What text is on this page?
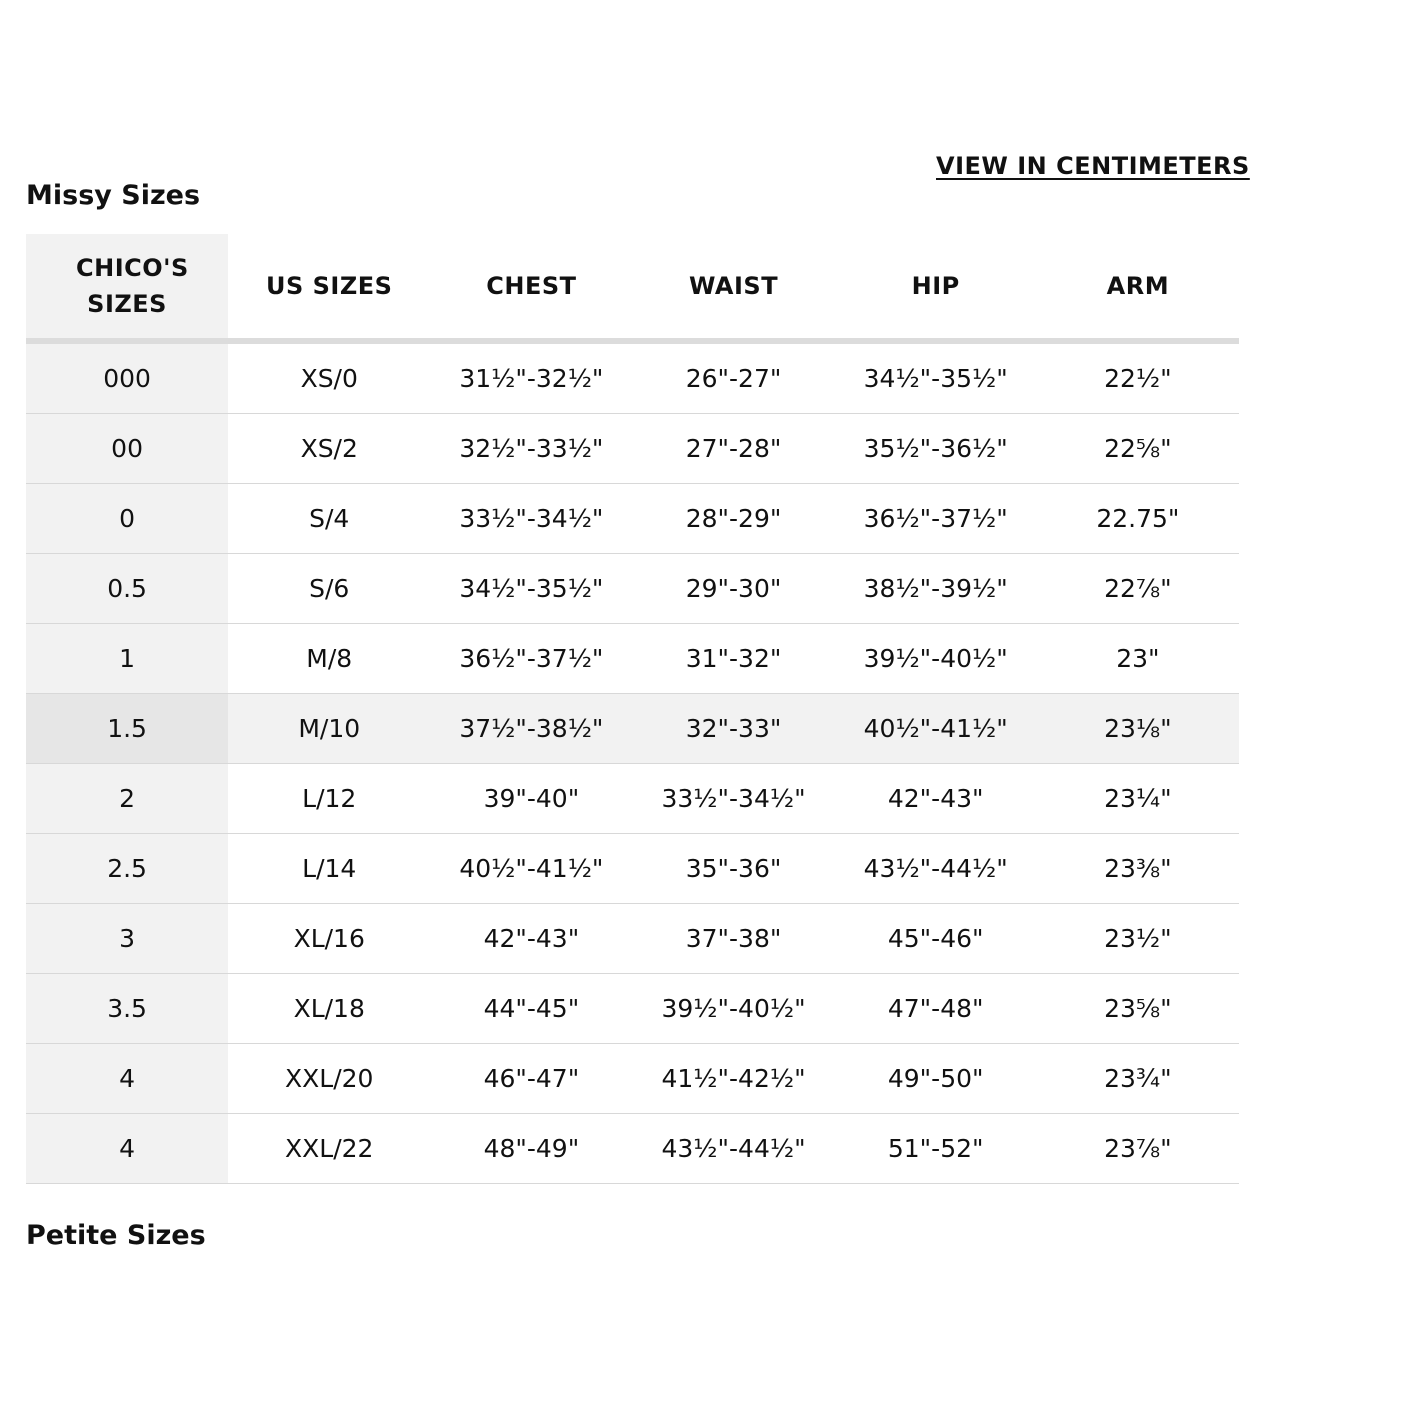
VIEW IN CENTIMETERS
Missy Sizes
CHICO'S SIZES	US SIZES	CHEST	WAIST	HIP	ARM
000	XS/0	31½"-32½"	26"-27"	34½"-35½"	22½"
00	XS/2	32½"-33½"	27"-28"	35½"-36½"	22⅝"
0	S/4	33½"-34½"	28"-29"	36½"-37½"	22.75"
0.5	S/6	34½"-35½"	29"-30"	38½"-39½"	22⅞"
1	M/8	36½"-37½"	31"-32"	39½"-40½"	23"
1.5	M/10	37½"-38½"	32"-33"	40½"-41½"	23⅛"
2	L/12	39"-40"	33½"-34½"	42"-43"	23¼"
2.5	L/14	40½"-41½"	35"-36"	43½"-44½"	23⅜"
3	XL/16	42"-43"	37"-38"	45"-46"	23½"
3.5	XL/18	44"-45"	39½"-40½"	47"-48"	23⅝"
4	XXL/20	46"-47"	41½"-42½"	49"-50"	23¾"
4	XXL/22	48"-49"	43½"-44½"	51"-52"	23⅞"
Petite Sizes
